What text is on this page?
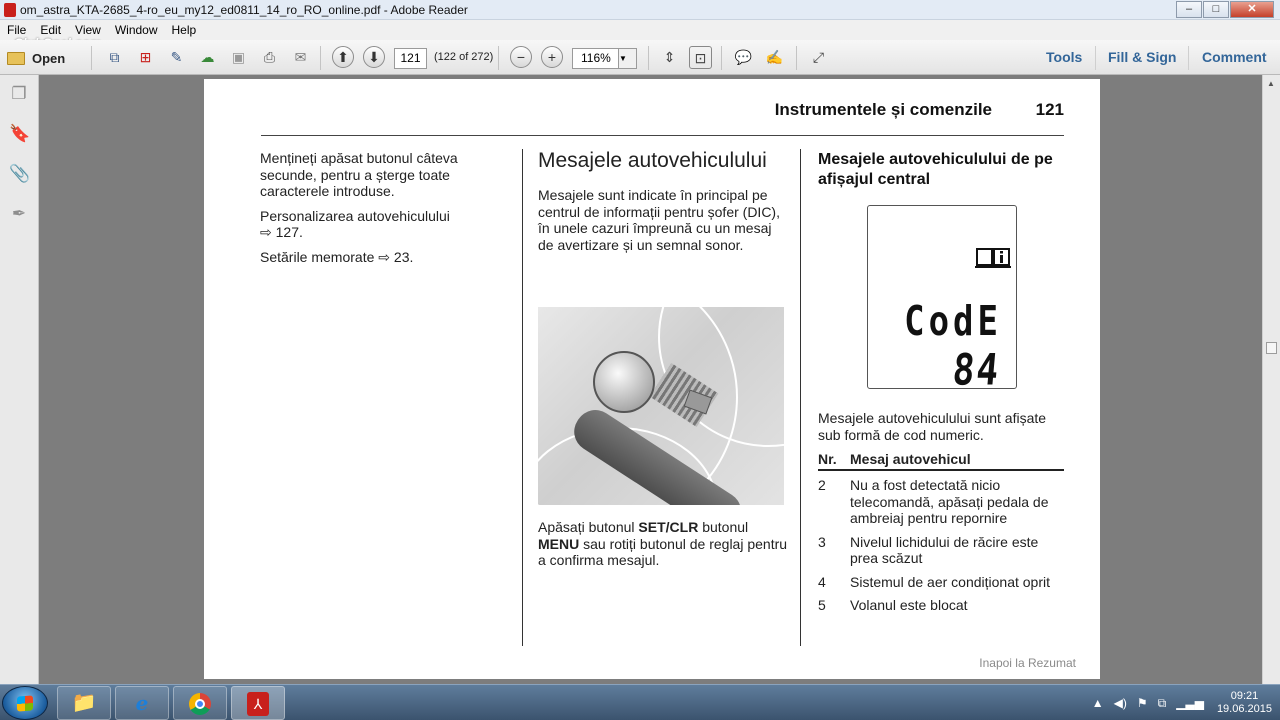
om_astra_KTA-2685_4-ro_eu_my12_ed0811_14_ro_RO_online.pdf - Adobe Reader	–	□	✕
File	Edit	View	Window	Help
Open	⧉	⊞	✎	☁	▣	⎙	✉	⬆	⬇	121	(122 of 272)	−	+	116% ▼	⇕	⊡	💬 ✍	⤢	Tools Fill & Sign Comment
❐
🔖
📎
✒
▲
Instrumentele și comenzile	121

Mențineți apăsat butonul câteva secunde, pentru a șterge toate caracterele introduse.

Personalizarea autovehiculului
⇨ 127.

Setările memorate ⇨ 23.

Mesajele autovehiculului

Mesajele sunt indicate în principal pe centrul de informații pentru șofer (DIC), în unele cazuri împreună cu un mesaj de avertizare și un semnal sonor.

Apăsați butonul SET/CLR butonul MENU sau rotiți butonul de reglaj pentru a confirma mesajul.

Mesajele autovehiculului de pe afișajul central
CodE
84

Mesajele autovehiculului sunt afișate sub formă de cod numeric.

Nr. Mesaj autovehicul
2	Nu a fost detectată nicio telecomandă, apăsați pedala de ambreiaj pentru repornire
3	Nivelul lichidului de răcire este prea scăzut
4	Sistemul de aer condiționat oprit
5	Volanul este blocat
Inapoi la Rezumat
📁	e	⅄	▲ ◀) ⚑ ⧉ ▁▃▅	09:21
19.06.2015
